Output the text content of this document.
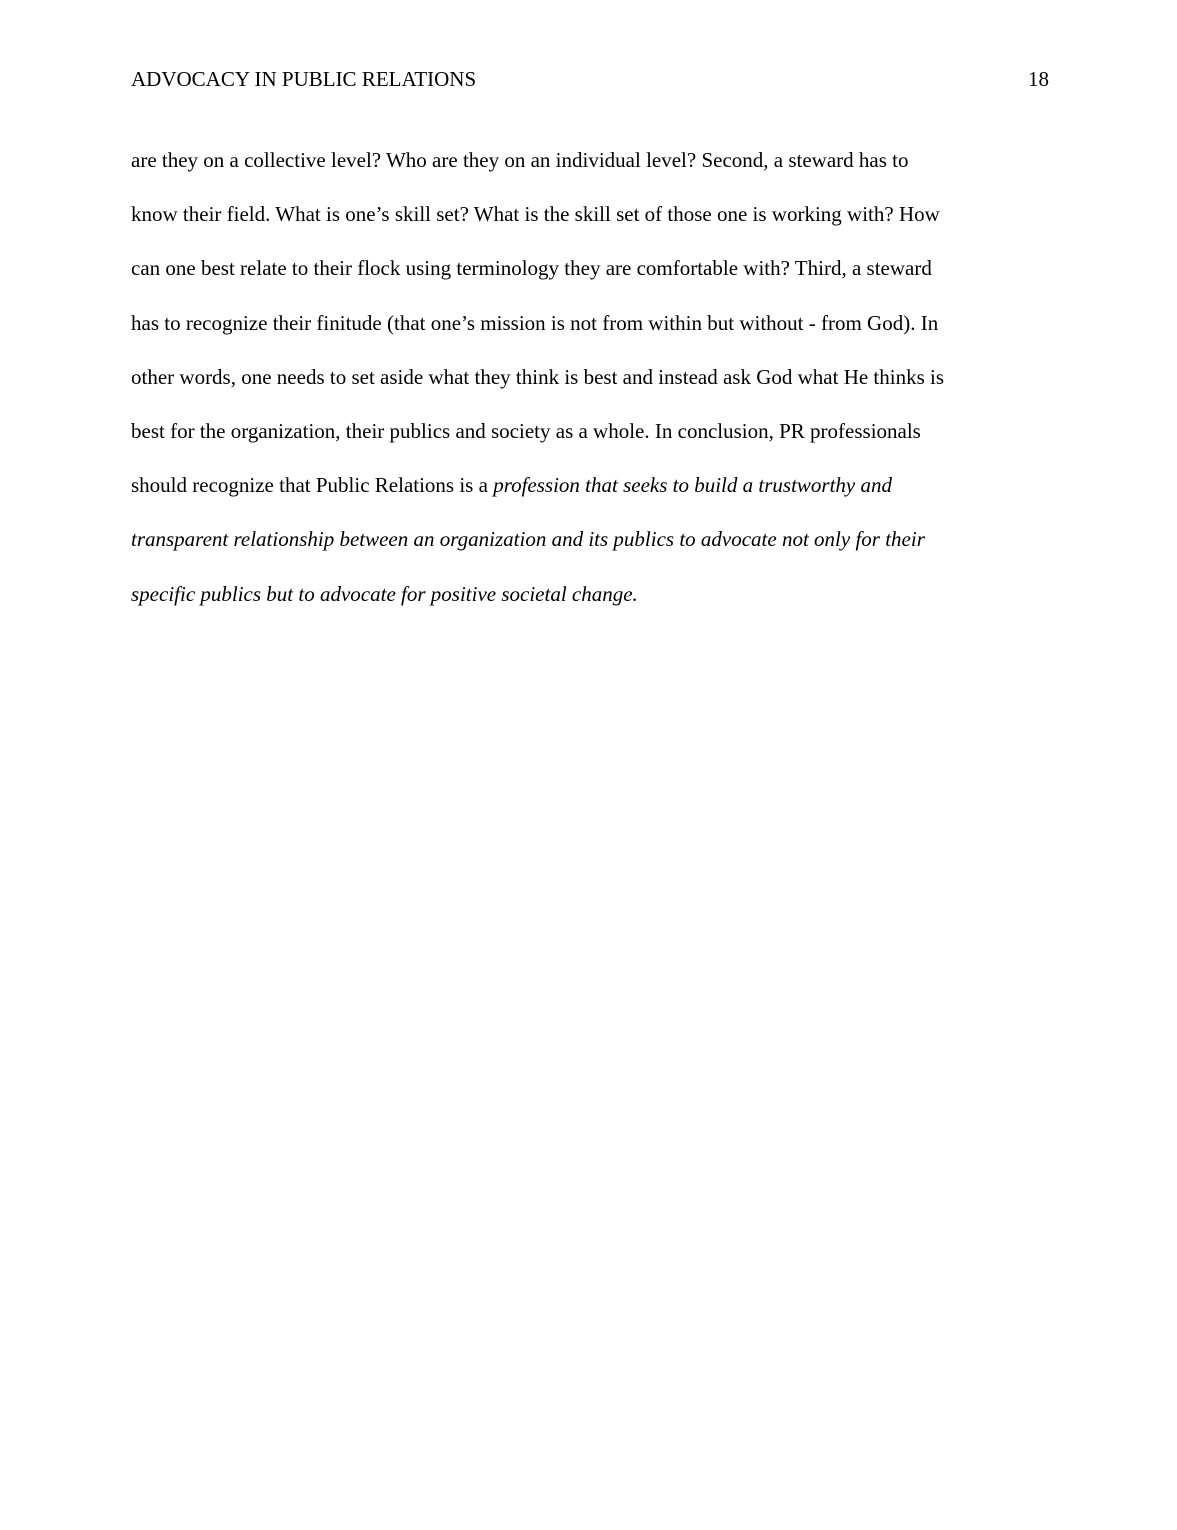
ADVOCACY IN PUBLIC RELATIONS	18
are they on a collective level? Who are they on an individual level? Second, a steward has to
know their field. What is one’s skill set? What is the skill set of those one is working with? How
can one best relate to their flock using terminology they are comfortable with? Third, a steward
has to recognize their finitude (that one’s mission is not from within but without - from God). In
other words, one needs to set aside what they think is best and instead ask God what He thinks is
best for the organization, their publics and society as a whole. In conclusion, PR professionals
should recognize that Public Relations is a profession that seeks to build a trustworthy and
transparent relationship between an organization and its publics to advocate not only for their
specific publics but to advocate for positive societal change.
